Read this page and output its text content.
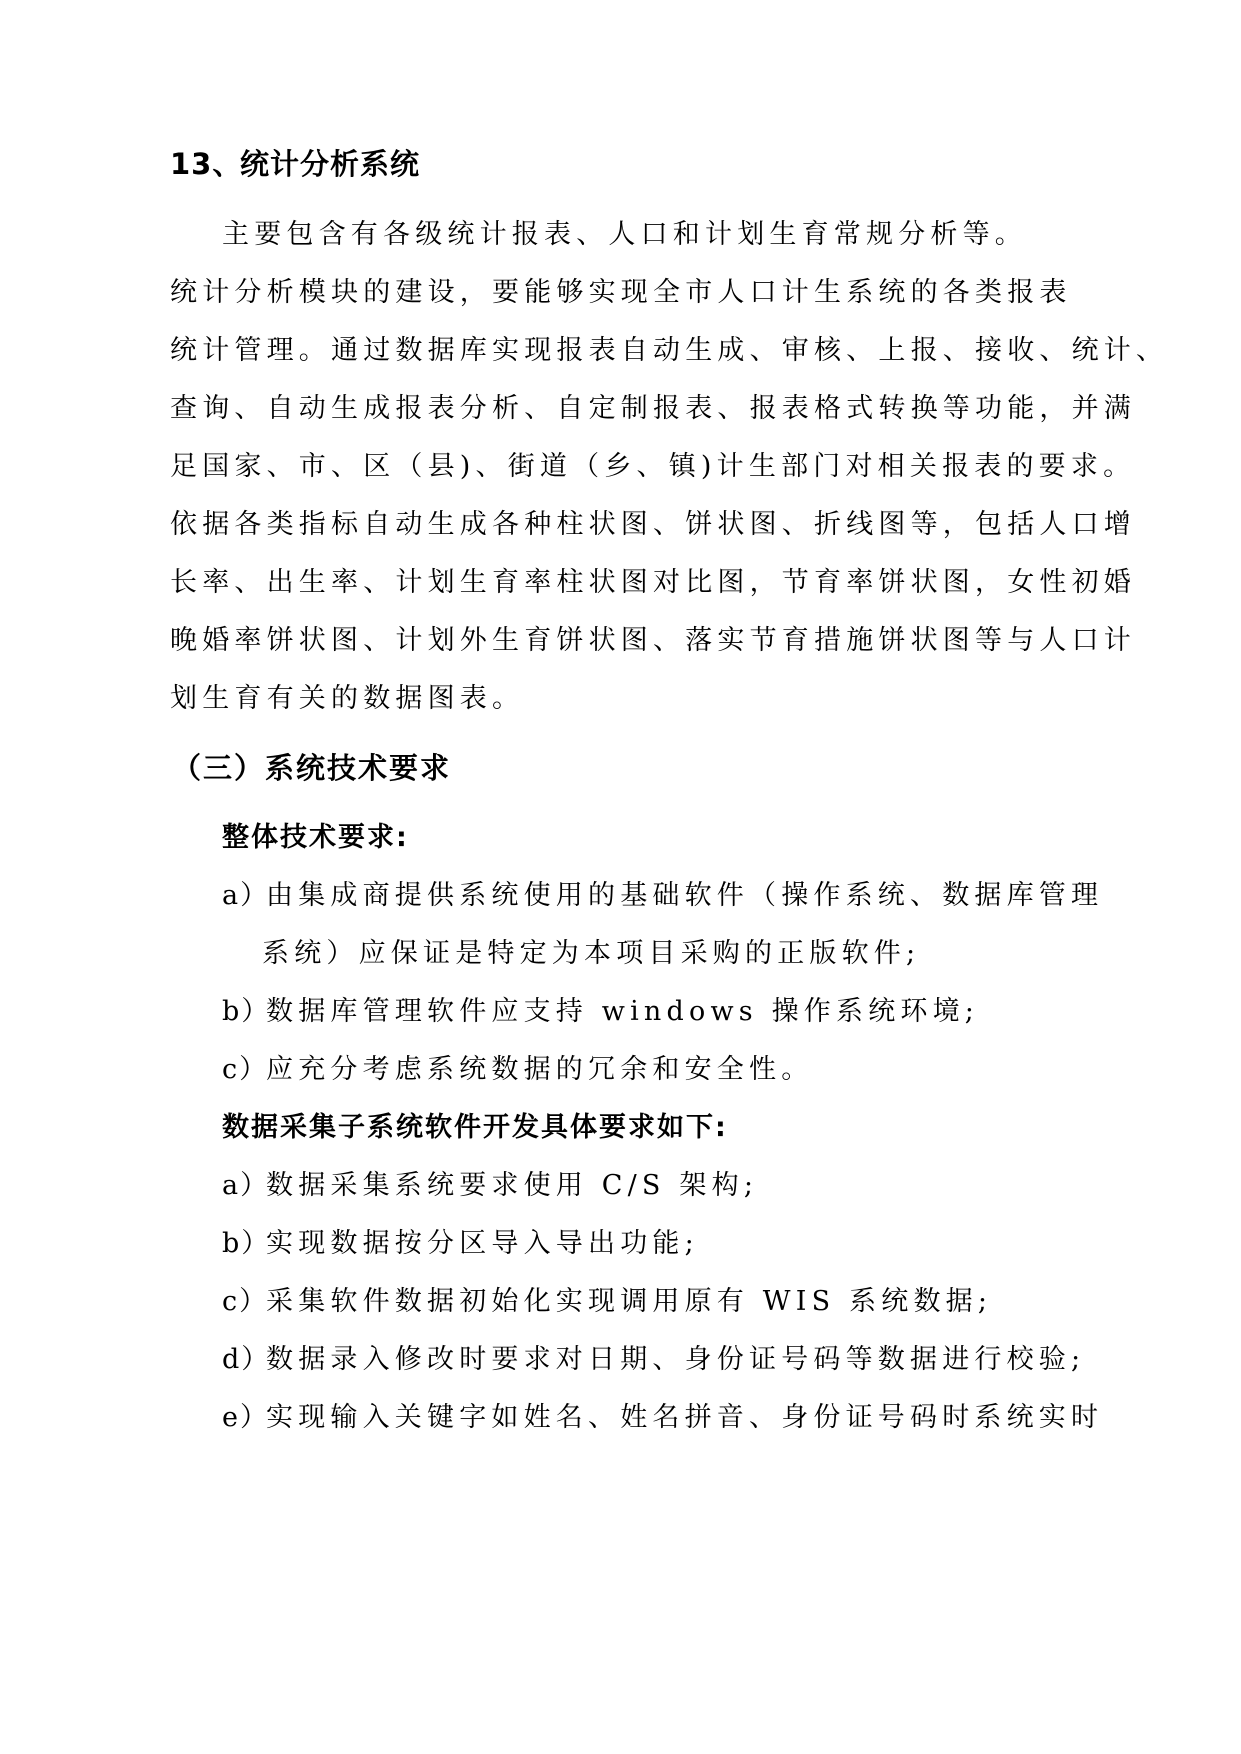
13、统计分析系统
主要包含有各级统计报表、人口和计划生育常规分析等。
统计分析模块的建设，要能够实现全市人口计生系统的各类报表
统计管理。通过数据库实现报表自动生成、审核、上报、接收、统计、
查询、自动生成报表分析、自定制报表、报表格式转换等功能，并满
足国家、市、区（县)、街道（乡、镇)计生部门对相关报表的要求。
依据各类指标自动生成各种柱状图、饼状图、折线图等，包括人口增
长率、出生率、计划生育率柱状图对比图，节育率饼状图，女性初婚
晚婚率饼状图、计划外生育饼状图、落实节育措施饼状图等与人口计
划生育有关的数据图表。
（三）系统技术要求
整体技术要求:
a）由集成商提供系统使用的基础软件（操作系统、数据库管理
系统）应保证是特定为本项目采购的正版软件;
b）数据库管理软件应支持 windows 操作系统环境;
c）应充分考虑系统数据的冗余和安全性。
数据采集子系统软件开发具体要求如下:
a）数据采集系统要求使用 C/S 架构;
b）实现数据按分区导入导出功能;
c）采集软件数据初始化实现调用原有 WIS 系统数据;
d）数据录入修改时要求对日期、身份证号码等数据进行校验;
e）实现输入关键字如姓名、姓名拼音、身份证号码时系统实时
